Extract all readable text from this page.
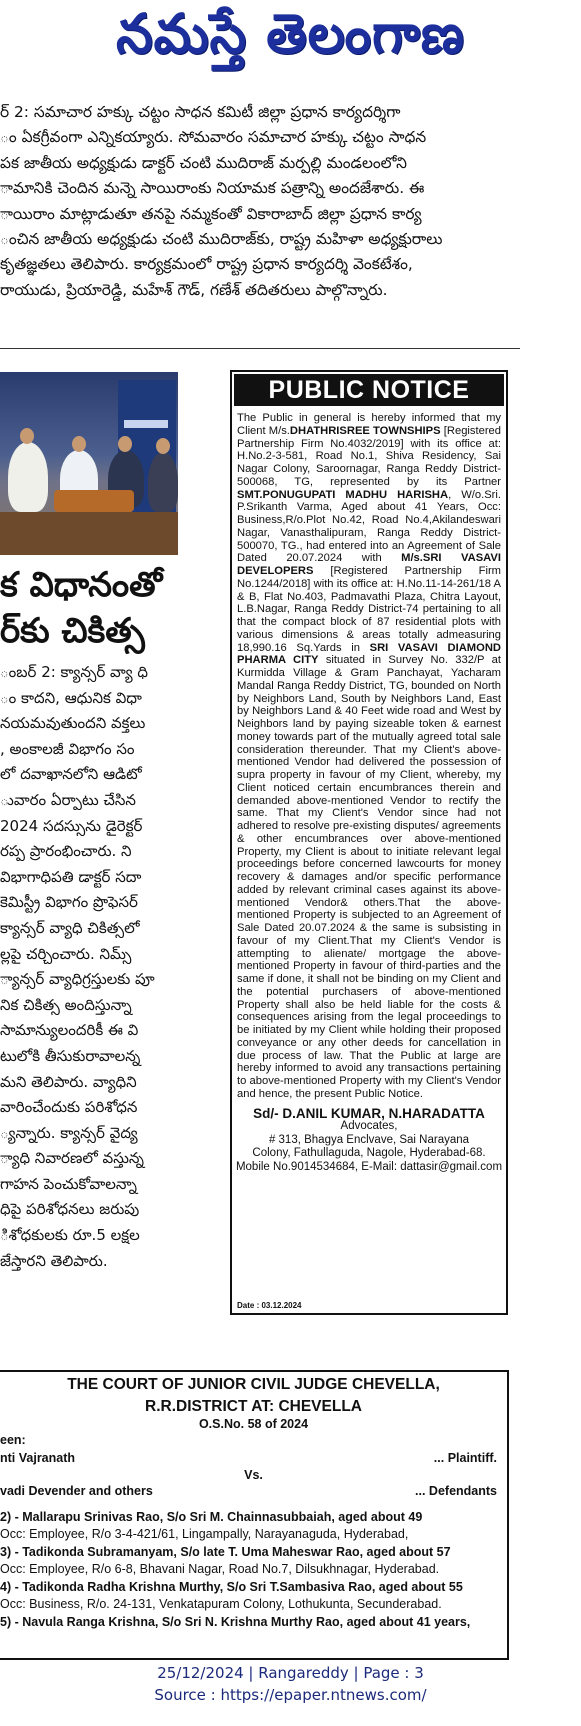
నమస్తే తెలంగాణ
ర్ 2: సమాచార హక్కు చట్టం సాధన కమిటీ జిల్లా ప్రధాన కార్యదర్శిగా
ం ఏకగ్రీవంగా ఎన్నికయ్యారు. సోమవారం సమాచార హక్కు చట్టం సాధన
పక జాతీయ అధ్యక్షుడు డాక్టర్ చంటి ముదిరాజ్ మర్పల్లి మండలంలోని
ామానికి చెందిన మన్నె సాయిరాంకు నియామక పత్రాన్ని అందజేశారు. ఈ
ాయిరాం మాట్లాడుతూ తనపై నమ్మకంతో వికారాబాద్ జిల్లా ప్రధాన కార్య
ంచిన జాతీయ అధ్యక్షుడు చంటి ముదిరాజ్‌కు, రాష్ట్ర మహిళా అధ్యక్షురాలు
కృతజ్ఞతలు తెలిపారు. కార్యక్రమంలో రాష్ట్ర ప్రధాన కార్యదర్శి వెంకటేశం,
రాయుడు, ప్రియారెడ్డి, మహేశ్ గౌడ్, గణేశ్ తదితరులు పాల్గొన్నారు.
క విధానంతో
ర్‌కు చికిత్స
ంబర్ 2: క్యాన్సర్ వ్యా ధి
ం కాదని, ఆధునిక విధా
నయమవుతుందని వక్తలు
, అంకాలజీ విభాగం సం
లో దవాఖానలోని ఆడిటో
ువారం ఏర్పాటు చేసిన
2024 సదస్సును డైరెక్టర్
రప్ప ప్రారంభించారు. ని
విభాగాధిపతి డాక్టర్ సదా
కెమిస్ట్రీ విభాగం ప్రొఫెసర్
క్యాన్సర్ వ్యాధి చికిత్సలో
ల్లపై చర్చించారు. నిమ్స్
్యాన్సర్ వ్యాధిగ్రస్తులకు పూ
నిక చికిత్స అందిస్తున్నా
సామాన్యులందరికీ ఈ వి
టులోకి తీసుకురావాలన్న
మని తెలిపారు. వ్యాధిని
వారించేందుకు పరిశోధన
్యన్నారు. క్యాన్సర్ వైద్య
్యాధి నివారణలో వస్తున్న
గాహన పెంచుకోవాలన్నా
ధిపై పరిశోధనలు జరుపు
ిశోధకులకు రూ.5 లక్షల
జేస్తారని తెలిపారు.
PUBLIC NOTICE
The Public in general is hereby informed that my Client M/s.DHATHRISREE TOWNSHIPS [Registered Partnership Firm No.4032/2019] with its office at: H.No.2-3-581, Road No.1, Shiva Residency, Sai Nagar Colony, Saroornagar, Ranga Reddy District-500068, TG, represented by its Partner SMT.PONUGUPATI MADHU HARISHA, W/o.Sri. P.Srikanth Varma, Aged about 41 Years, Occ: Business,R/o.Plot No.42, Road No.4,Akilandeswari Nagar, Vanasthalipuram, Ranga Reddy District-500070, TG., had entered into an Agreement of Sale Dated 20.07.2024 with M/s.SRI VASAVI DEVELOPERS [Registered Partnership Firm No.1244/2018] with its office at: H.No.11-14-261/18 A & B, Flat No.403, Padmavathi Plaza, Chitra Layout, L.B.Nagar, Ranga Reddy District-74 pertaining to all that the compact block of 87 residential plots with various dimensions & areas totally admeasuring 18,990.16 Sq.Yards in SRI VASAVI DIAMOND PHARMA CITY situated in Survey No. 332/P at Kurmidda Village & Gram Panchayat, Yacharam Mandal Ranga Reddy District, TG, bounded on North by Neighbors Land, South by Neighbors Land, East by Neighbors Land & 40 Feet wide road and West by Neighbors land by paying sizeable token & earnest money towards part of the mutually agreed total sale consideration thereunder. That my Client's above-mentioned Vendor had delivered the possession of supra property in favour of my Client, whereby, my Client noticed certain encumbrances therein and demanded above-mentioned Vendor to rectify the same. That my Client's Vendor since had not adhered to resolve pre-existing disputes/ agreements & other encumbrances over above-mentioned Property, my Client is about to initiate relevant legal proceedings before concerned lawcourts for money recovery & damages and/or specific performance added by relevant criminal cases against its above-mentioned Vendor& others.That the above-mentioned Property is subjected to an Agreement of Sale Dated 20.07.2024 & the same is subsisting in favour of my Client.That my Client's Vendor is attempting to alienate/ mortgage the above-mentioned Property in favour of third-parties and the same if done, it shall not be binding on my Client and the potential purchasers of above-mentioned Property shall also be held liable for the costs & consequences arising from the legal proceedings to be initiated by my Client while holding their proposed conveyance or any other deeds for cancellation in due process of law. That the Public at large are hereby informed to avoid any transactions pertaining to above-mentioned Property with my Client's Vendor and hence, the present Public Notice.
Sd/- D.ANIL KUMAR, N.HARADATTA
Advocates,
# 313, Bhagya Enclvave, Sai Narayana
Colony, Fathullaguda, Nagole, Hyderabad-68.
Mobile No.9014534684, E-Mail: dattasir@gmail.com
Date : 03.12.2024
THE COURT OF JUNIOR CIVIL JUDGE CHEVELLA,
R.R.DISTRICT AT: CHEVELLA
O.S.No. 58 of 2024
een:
nti Vajranath	... Plaintiff.
Vs.
vadi Devender and others	... Defendants
2) - Mallarapu Srinivas Rao, S/o Sri M. Chainnasubbaiah, aged about 49
Occ: Employee, R/o 3-4-421/61, Lingampally, Narayanaguda, Hyderabad,
3) - Tadikonda Subramanyam, S/o late T. Uma Maheswar Rao, aged about 57
Occ: Employee, R/o 6-8, Bhavani Nagar, Road No.7, Dilsukhnagar, Hyderabad.
4) - Tadikonda Radha Krishna Murthy, S/o Sri T.Sambasiva Rao, aged about 55
Occ: Business, R/o. 24-131, Venkatapuram Colony, Lothukunta, Secunderabad.
5) - Navula Ranga Krishna, S/o Sri N. Krishna Murthy Rao, aged about 41 years,
25/12/2024 | Rangareddy | Page : 3
Source : https://epaper.ntnews.com/
